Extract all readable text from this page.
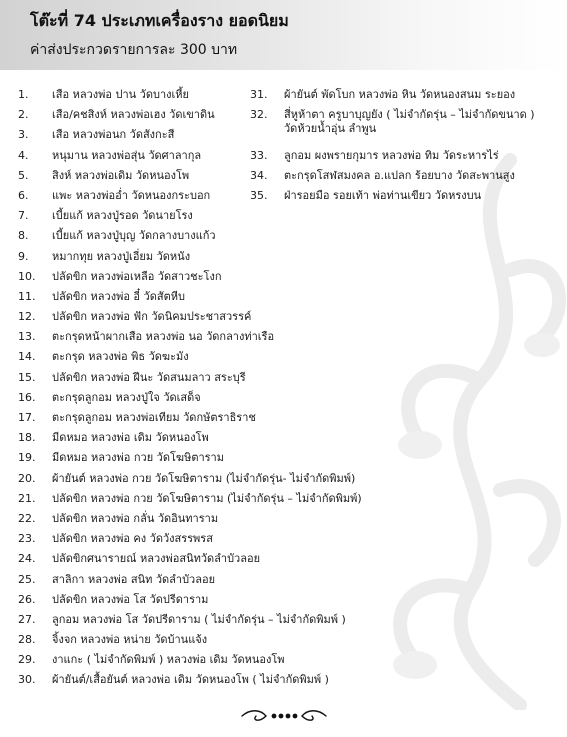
โต๊ะที่ 74 ประเภทเครื่องราง ยอดนิยม
ค่าส่งประกวดรายการละ 300 บาท
1.	เสือ หลวงพ่อ ปาน วัดบางเหี้ย
2.	เสือ/คชสิงห์ หลวงพ่อเฮง วัดเขาดิน
3.	เสือ หลวงพ่อนก วัดสังกะสี
4.	หนุมาน หลวงพ่อสุ่น วัดศาลากุล
5.	สิงห์ หลวงพ่อเดิม วัดหนองโพ
6.	แพะ หลวงพ่ออ่ำ วัดหนองกระบอก
7.	เบี้ยแก้ หลวงปู่รอด วัดนายโรง
8.	เบี้ยแก้ หลวงปู่บุญ วัดกลางบางแก้ว
9.	หมากทุย หลวงปู่เอี่ยม วัดหนัง
10.	ปลัดขิก หลวงพ่อเหลือ วัดสาวชะโงก
11.	ปลัดขิก หลวงพ่อ อี๋ วัดสัตหีบ
12.	ปลัดขิก หลวงพ่อ ฟัก วัดนิคมประชาสวรรค์
13.	ตะกรุดหน้าผากเสือ หลวงพ่อ นอ วัดกลางท่าเรือ
14.	ตะกรุด หลวงพ่อ พิธ วัดฆะมัง
15.	ปลัดขิก หลวงพ่อ ฝีนะ วัดสนมลาว สระบุรี
16.	ตะกรุดลูกอม หลวงปู่ใจ วัดเสด็จ
17.	ตะกรุดลูกอม หลวงพ่อเทียม วัดกษัตราธิราช
18.	มีดหมอ หลวงพ่อ เดิม วัดหนองโพ
19.	มีดหมอ หลวงพ่อ กวย วัดโฆษิตาราม
20.	ผ้ายันต์ หลวงพ่อ กวย วัดโฆษิตาราม (ไม่จำกัดรุ่น- ไม่จำกัดพิมพ์)
21.	ปลัดขิก หลวงพ่อ กวย วัดโฆษิตาราม (ไม่จำกัดรุ่น – ไม่จำกัดพิมพ์)
22.	ปลัดขิก หลวงพ่อ กลั่น วัดอินทาราม
23.	ปลัดขิก หลวงพ่อ คง วัดวังสรรพรส
24.	ปลัดขิกศนารายณ์ หลวงพ่อสนิทวัดลำบัวลอย
25.	สาลิกา หลวงพ่อ สนิท วัดลำบัวลอย
26.	ปลัดขิก หลวงพ่อ โส วัดปรีดาราม
27.	ลูกอม หลวงพ่อ โส วัดปรีดาราม ( ไม่จำกัดรุ่น – ไม่จำกัดพิมพ์ )
28.	จิ้งจก หลวงพ่อ หน่าย วัดบ้านแจ้ง
29.	งาแกะ ( ไม่จำกัดพิมพ์ ) หลวงพ่อ เดิม วัดหนองโพ
30.	ผ้ายันต์/เสื้อยันต์ หลวงพ่อ เดิม วัดหนองโพ ( ไม่จำกัดพิมพ์ )
31.	ผ้ายันต์ พัดโบก หลวงพ่อ หิน วัดหนองสนม ระยอง
32.	สี่หูห้าตา ครูบาบุญยัง ( ไม่จำกัดรุ่น – ไม่จำกัดขนาด )
วัดห้วยน้ำอุ่น ลำพูน
33.	ลูกอม ผงพรายกุมาร หลวงพ่อ ทิม วัดระหารไร่
34.	ตะกรุดโสฬสมงคล อ.แปลก ร้อยบาง วัดสะพานสูง
35.	ฝ่ารอยมือ รอยเท้า พ่อท่านเขียว วัดหรงบน
